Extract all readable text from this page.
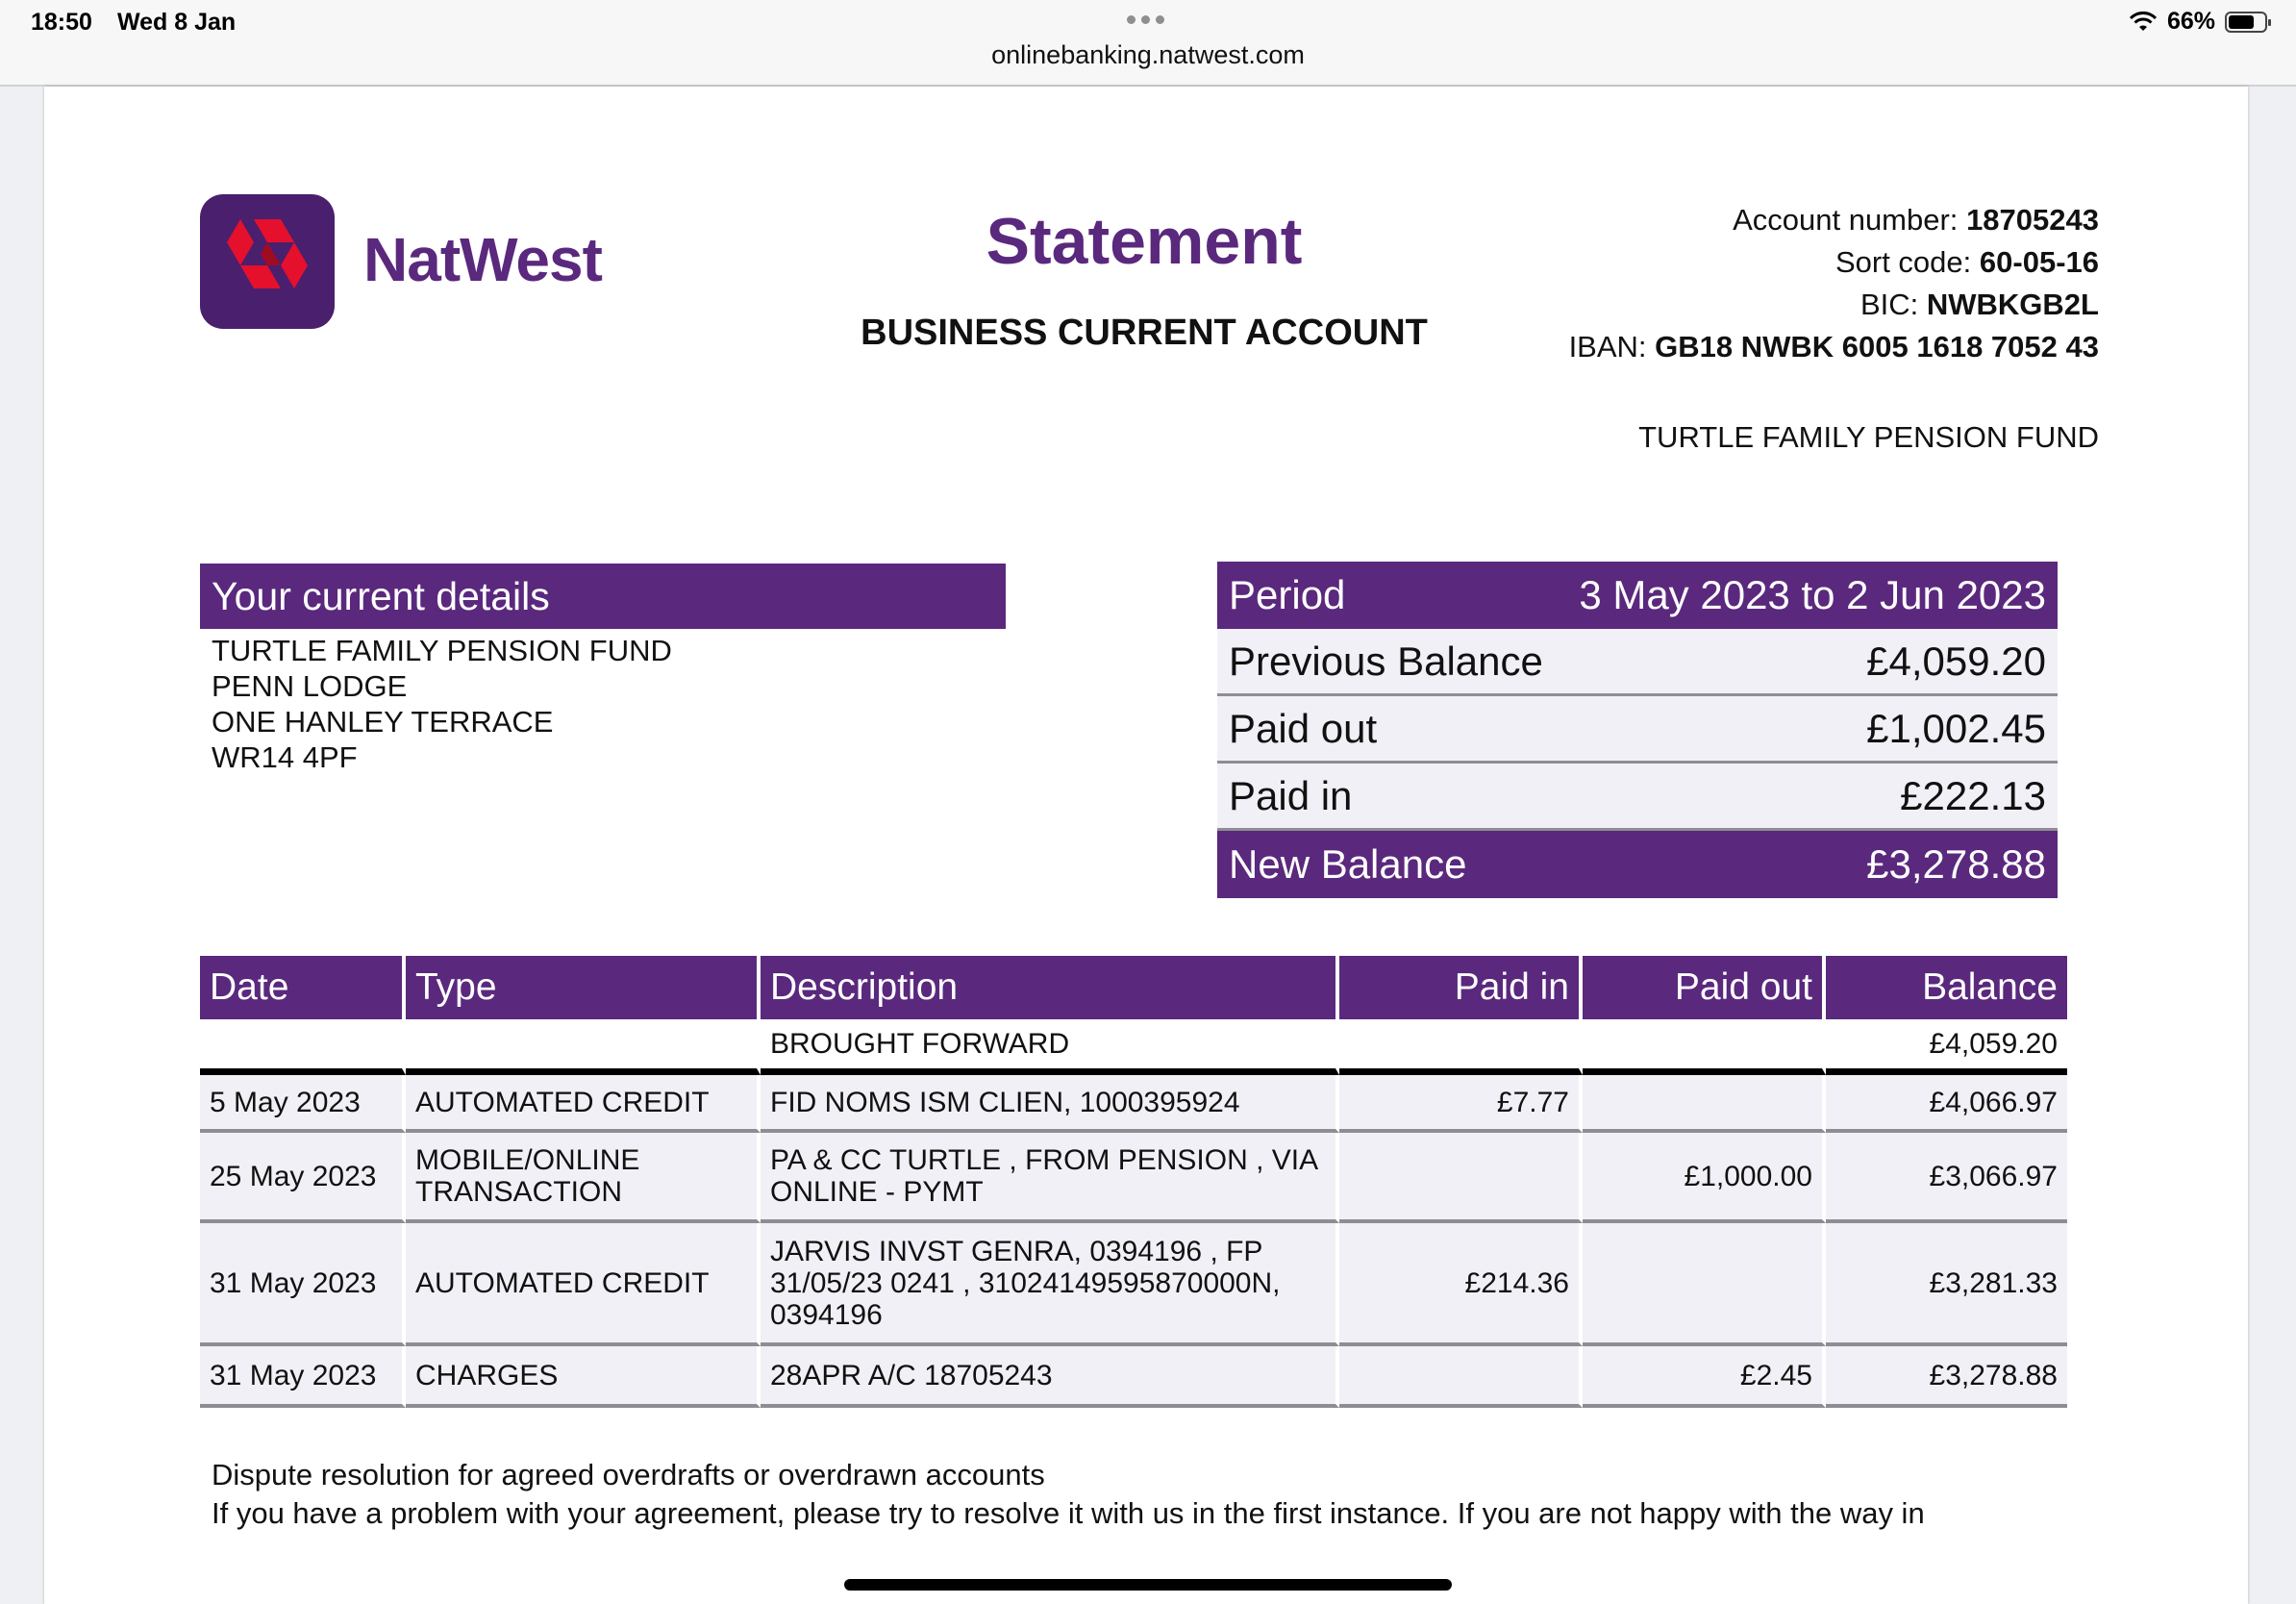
18:50 Wed 8 Jan
onlinebanking.natwest.com
66%
NatWest	Statement
BUSINESS CURRENT ACCOUNT
Account number: 18705243
Sort code: 60-05-16
BIC: NWBKGB2L
IBAN: GB18 NWBK 6005 1618 7052 43
TURTLE FAMILY PENSION FUND
Your current details
TURTLE FAMILY PENSION FUND
PENN LODGE
ONE HANLEY TERRACE
WR14 4PF
Period	3 May 2023 to 2 Jun 2023
Previous Balance	£4,059.20
Paid out	£1,002.45
Paid in	£222.13
New Balance	£3,278.88
Date	Type	Description	Paid in	Paid out	Balance
		BROUGHT FORWARD			£4,059.20
5 May 2023	AUTOMATED CREDIT	FID NOMS ISM CLIEN, 1000395924	£7.77		£4,066.97
25 May 2023	MOBILE/ONLINE TRANSACTION	PA & CC TURTLE , FROM PENSION , VIA ONLINE - PYMT		£1,000.00	£3,066.97
31 May 2023	AUTOMATED CREDIT	JARVIS INVST GENRA, 0394196 , FP 31/05/23 0241 , 31024149595870000N, 0394196	£214.36		£3,281.33
31 May 2023	CHARGES	28APR A/C 18705243		£2.45	£3,278.88
Dispute resolution for agreed overdrafts or overdrawn accounts
If you have a problem with your agreement, please try to resolve it with us in the first instance. If you are not happy with the way in
